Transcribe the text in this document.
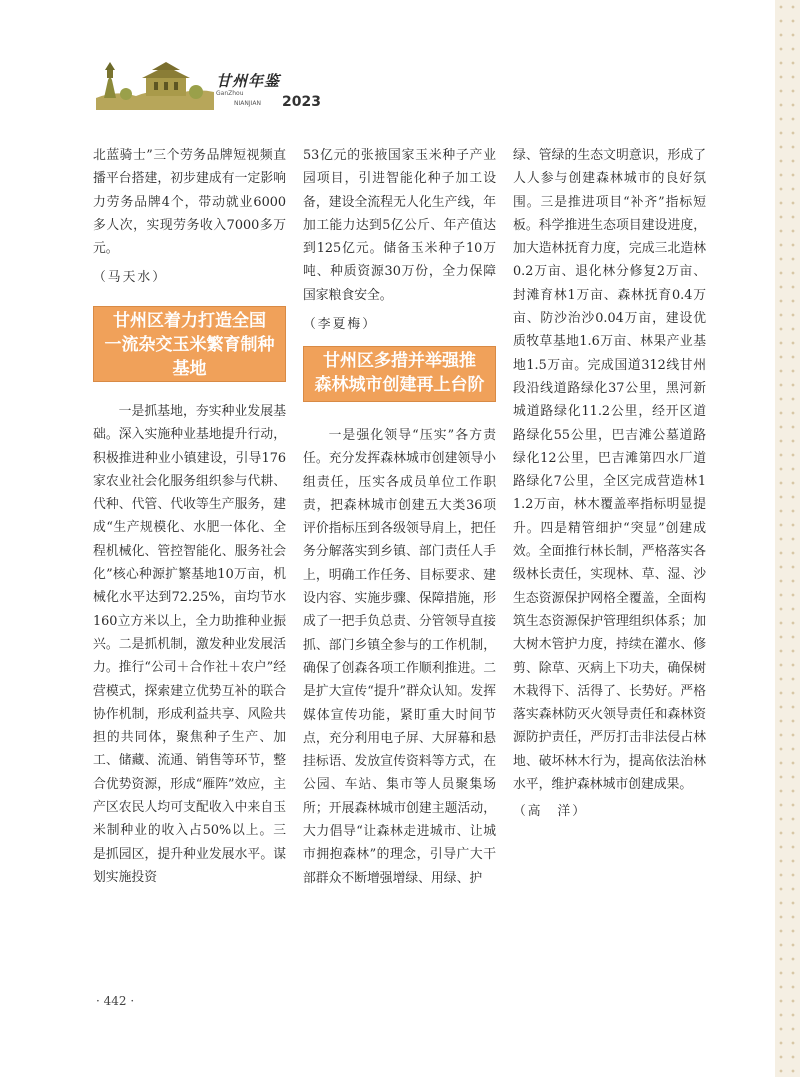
甘州年鉴
GanZhou
NIANJIAN 2023

北蓝骑士”三个劳务品牌短视频直播平台搭建，初步建成有一定影响力劳务品牌4个，带动就业6000多人次，实现劳务收入7000多万元。

（马天水）

甘州区着力打造全国
一流杂交玉米繁育制种
基地

一是抓基地，夯实种业发展基础。深入实施种业基地提升行动，积极推进种业小镇建设，引导176家农业社会化服务组织参与代耕、代种、代管、代收等生产服务，建成“生产规模化、水肥一体化、全程机械化、管控智能化、服务社会化”核心种源扩繁基地10万亩，机械化水平达到72.25%，亩均节水160立方米以上，全力助推种业振兴。二是抓机制，激发种业发展活力。推行“公司＋合作社＋农户”经营模式，探索建立优势互补的联合协作机制，形成利益共享、风险共担的共同体，聚焦种子生产、加工、储藏、流通、销售等环节，整合优势资源，形成“雁阵”效应，主产区农民人均可支配收入中来自玉米制种业的收入占50%以上。三是抓园区，提升种业发展水平。谋划实施投资

53亿元的张掖国家玉米种子产业园项目，引进智能化种子加工设备，建设全流程无人化生产线，年加工能力达到5亿公斤、年产值达到125亿元。储备玉米种子10万吨、种质资源30万份，全力保障国家粮食安全。

（李夏梅）

甘州区多措并举强推
森林城市创建再上台阶

一是强化领导“压实”各方责任。充分发挥森林城市创建领导小组责任，压实各成员单位工作职责，把森林城市创建五大类36项评价指标压到各级领导肩上，把任务分解落实到乡镇、部门责任人手上，明确工作任务、目标要求、建设内容、实施步骤、保障措施，形成了一把手负总责、分管领导直接抓、部门乡镇全参与的工作机制，确保了创森各项工作顺利推进。二是扩大宣传“提升”群众认知。发挥媒体宣传功能，紧盯重大时间节点，充分利用电子屏、大屏幕和悬挂标语、发放宣传资料等方式，在公园、车站、集市等人员聚集场所；开展森林城市创建主题活动，大力倡导“让森林走进城市、让城市拥抱森林”的理念，引导广大干部群众不断增强增绿、用绿、护

绿、管绿的生态文明意识，形成了人人参与创建森林城市的良好氛围。三是推进项目“补齐”指标短板。科学推进生态项目建设进度，加大造林抚育力度，完成三北造林0.2万亩、退化林分修复2万亩、封滩育林1万亩、森林抚育0.4万亩、防沙治沙0.04万亩，建设优质牧草基地1.6万亩、林果产业基地1.5万亩。完成国道312线甘州段沿线道路绿化37公里，黑河新城道路绿化11.2公里，经开区道路绿化55公里，巴吉滩公墓道路绿化12公里，巴吉滩第四水厂道路绿化7公里，全区完成营造林11.2万亩，林木覆盖率指标明显提升。四是精管细护“突显”创建成效。全面推行林长制，严格落实各级林长责任，实现林、草、湿、沙生态资源保护网格全覆盖，全面构筑生态资源保护管理组织体系；加大树木管护力度，持续在灌水、修剪、除草、灭病上下功夫，确保树木栽得下、活得了、长势好。严格落实森林防灭火领导责任和森林资源防护责任，严厉打击非法侵占林地、破坏林木行为，提高依法治林水平，维护森林城市创建成果。

（高　洋）

· 442 ·
